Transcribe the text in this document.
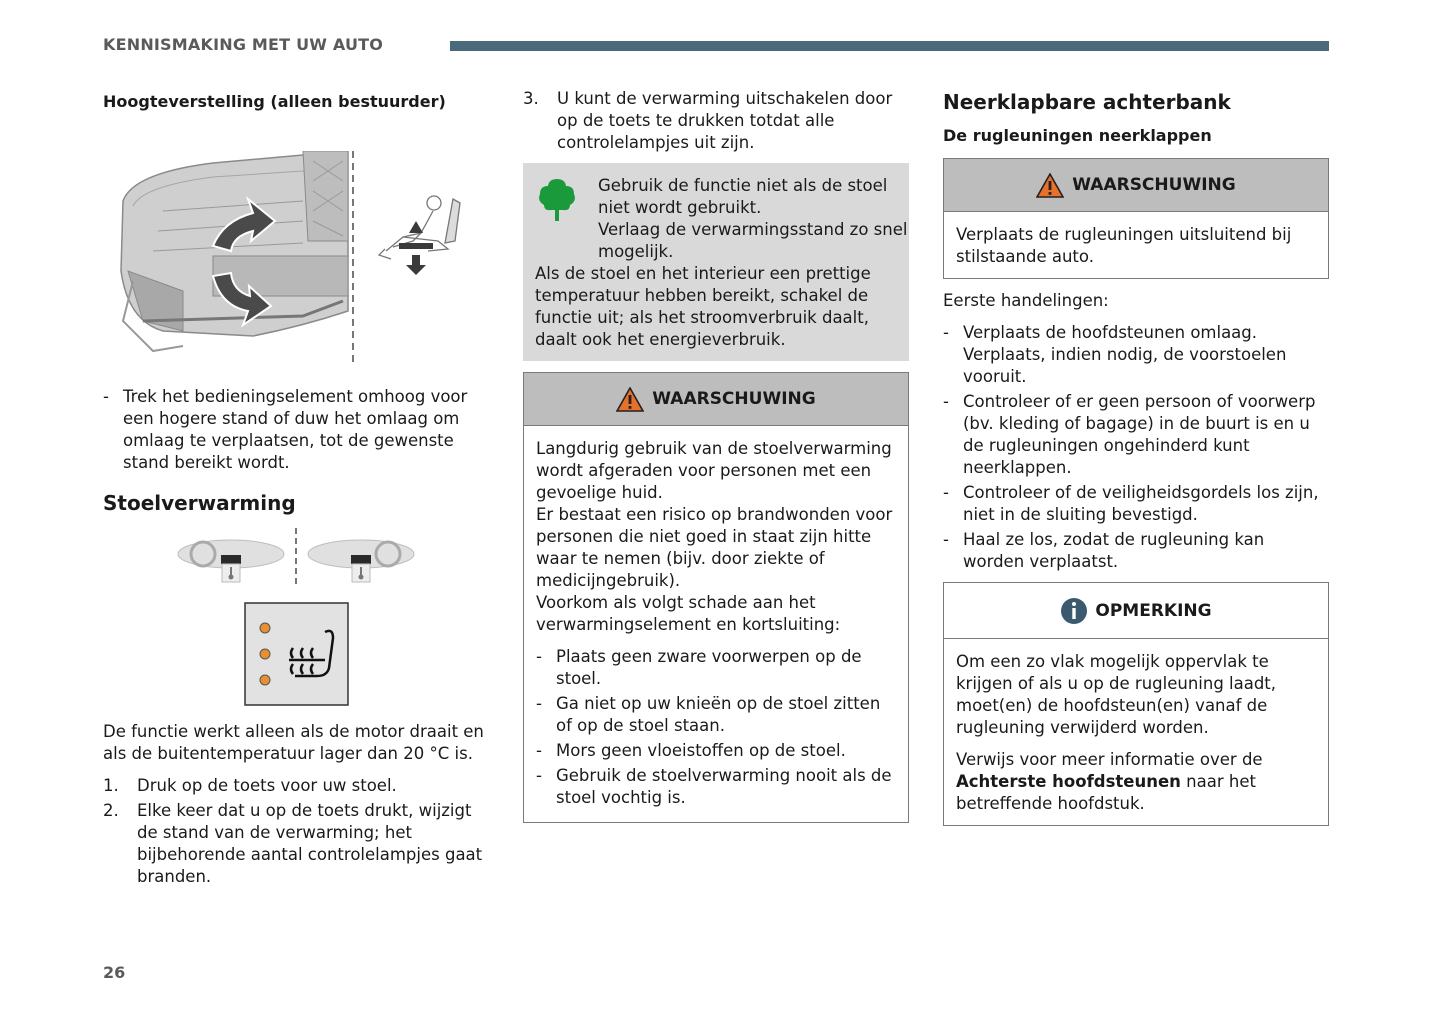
KENNISMAKING MET UW AUTO

Hoogteverstelling (alleen bestuurder)

- Trek het bedieningselement omhoog voor een hogere stand of duw het omlaag om omlaag te verplaatsen, tot de gewenste stand bereikt wordt.

Stoelverwarming

De functie werkt alleen als de motor draait en als de buitentemperatuur lager dan 20 °C is.

1. Druk op de toets voor uw stoel.
2. Elke keer dat u op de toets drukt, wijzigt de stand van de verwarming; het bijbehorende aantal controlelampjes gaat branden.
3. U kunt de verwarming uitschakelen door op de toets te drukken totdat alle controlelampjes uit zijn.

Gebruik de functie niet als de stoel niet wordt gebruikt.

Verlaag de verwarmingsstand zo snel mogelijk.

Als de stoel en het interieur een prettige temperatuur hebben bereikt, schakel de functie uit; als het stroomverbruik daalt, daalt ook het energieverbruik.

WAARSCHUWING

Langdurig gebruik van de stoelverwarming wordt afgeraden voor personen met een gevoelige huid.

Er bestaat een risico op brandwonden voor personen die niet goed in staat zijn hitte waar te nemen (bijv. door ziekte of medicijngebruik).

Voorkom als volgt schade aan het verwarmingselement en kortsluiting:

- Plaats geen zware voorwerpen op de stoel.
- Ga niet op uw knieën op de stoel zitten of op de stoel staan.
- Mors geen vloeistoffen op de stoel.
- Gebruik de stoelverwarming nooit als de stoel vochtig is.

Neerklapbare achterbank

De rugleuningen neerklappen

WAARSCHUWING

Verplaats de rugleuningen uitsluitend bij stilstaande auto.

Eerste handelingen:

- Verplaats de hoofdsteunen omlaag. Verplaats, indien nodig, de voorstoelen vooruit.
- Controleer of er geen persoon of voorwerp (bv. kleding of bagage) in de buurt is en u de rugleuningen ongehinderd kunt neerklappen.
- Controleer of de veiligheidsgordels los zijn, niet in de sluiting bevestigd.
- Haal ze los, zodat de rugleuning kan worden verplaatst.
OPMERKING

Om een zo vlak mogelijk oppervlak te krijgen of als u op de rugleuning laadt, moet(en) de hoofdsteun(en) vanaf de rugleuning verwijderd worden.

Verwijs voor meer informatie over de Achterste hoofdsteunen naar het betreffende hoofdstuk.

26
